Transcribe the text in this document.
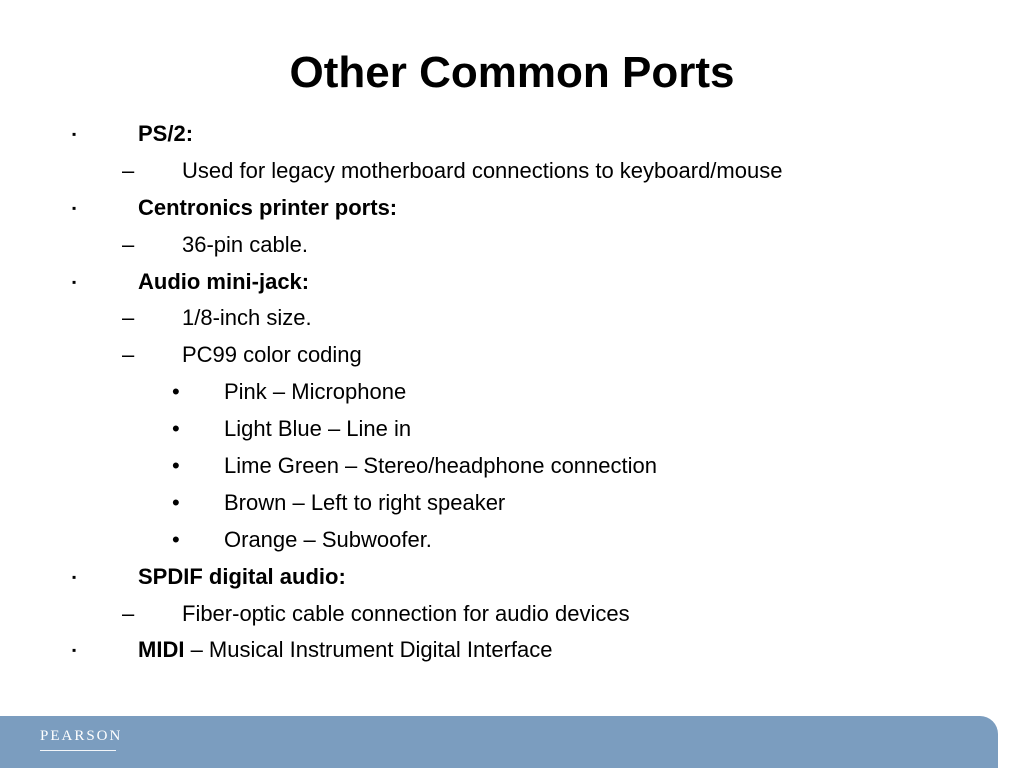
Other Common Ports
▪	PS/2:
– Used for legacy motherboard connections to keyboard/mouse
▪	Centronics printer ports:
– 36-pin cable.
▪	Audio mini-jack:
– 1/8-inch size.
– PC99 color coding
• Pink – Microphone
• Light Blue – Line in
• Lime Green – Stereo/headphone connection
• Brown – Left to right speaker
• Orange – Subwoofer.
▪	SPDIF digital audio:
– Fiber-optic cable connection for audio devices
▪	MIDI – Musical Instrument Digital Interface
PEARSON
